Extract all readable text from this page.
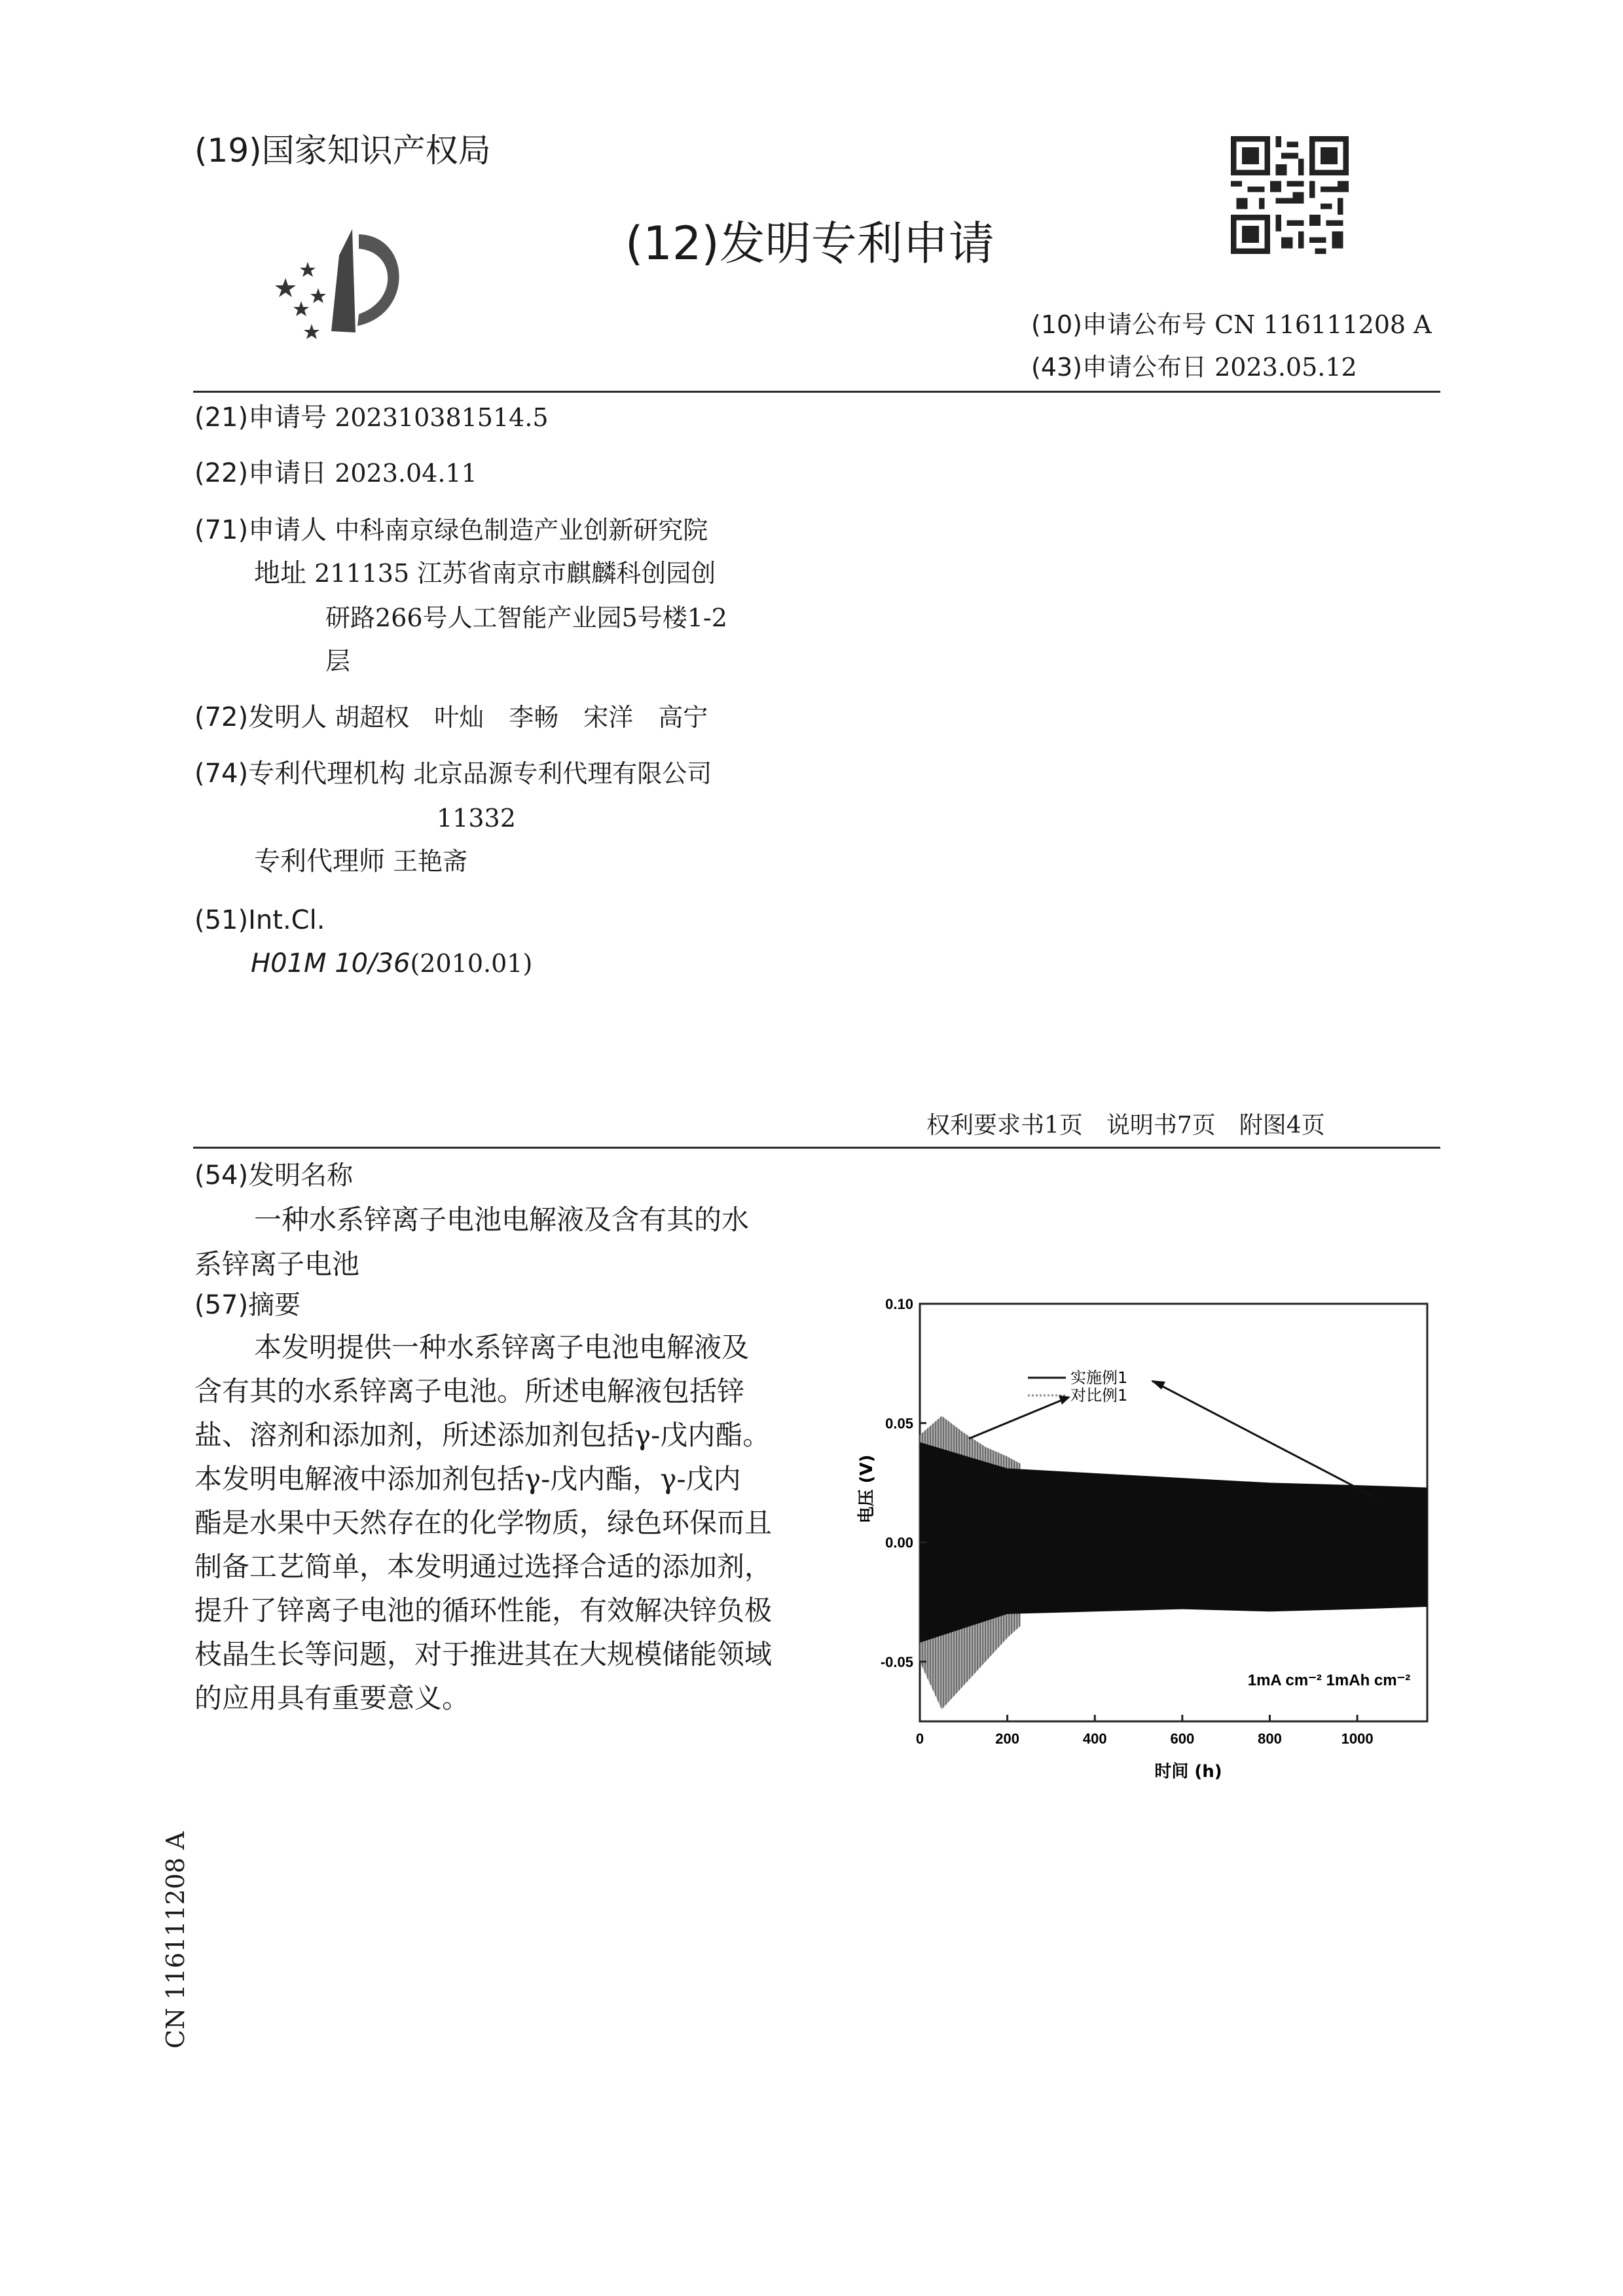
(19)国家知识产权局
(12)发明专利申请
(10)申请公布号 CN 116111208 A
(43)申请公布日 2023.05.12
(21)申请号 202310381514.5
(22)申请日 2023.04.11
(71)申请人 中科南京绿色制造产业创新研究院
地址 211135 江苏省南京市麒麟科创园创
研路266号人工智能产业园5号楼1-2
层
(72)发明人 胡超权　叶灿　李畅　宋洋　高宁
(74)专利代理机构 北京品源专利代理有限公司
11332
专利代理师 王艳斋
(51)Int.Cl.
H01M 10/36(2010.01)
权利要求书1页　说明书7页　附图4页
(54)发明名称
一种水系锌离子电池电解液及含有其的水
系锌离子电池
(57)摘要
本发明提供一种水系锌离子电池电解液及
含有其的水系锌离子电池。所述电解液包括锌
盐、溶剂和添加剂，所述添加剂包括γ-戊内酯。
本发明电解液中添加剂包括γ-戊内酯，γ-戊内
酯是水果中天然存在的化学物质，绿色环保而且
制备工艺简单，本发明通过选择合适的添加剂，
提升了锌离子电池的循环性能，有效解决锌负极
枝晶生长等问题，对于推进其在大规模储能领域
的应用具有重要意义。
0	200	400	600	800	1000
0.10
0.05
0.00
-0.05
电压 (V)
时间 (h)
1mA cm⁻² 1mAh cm⁻²
实施例1
对比例1
CN 116111208 A
